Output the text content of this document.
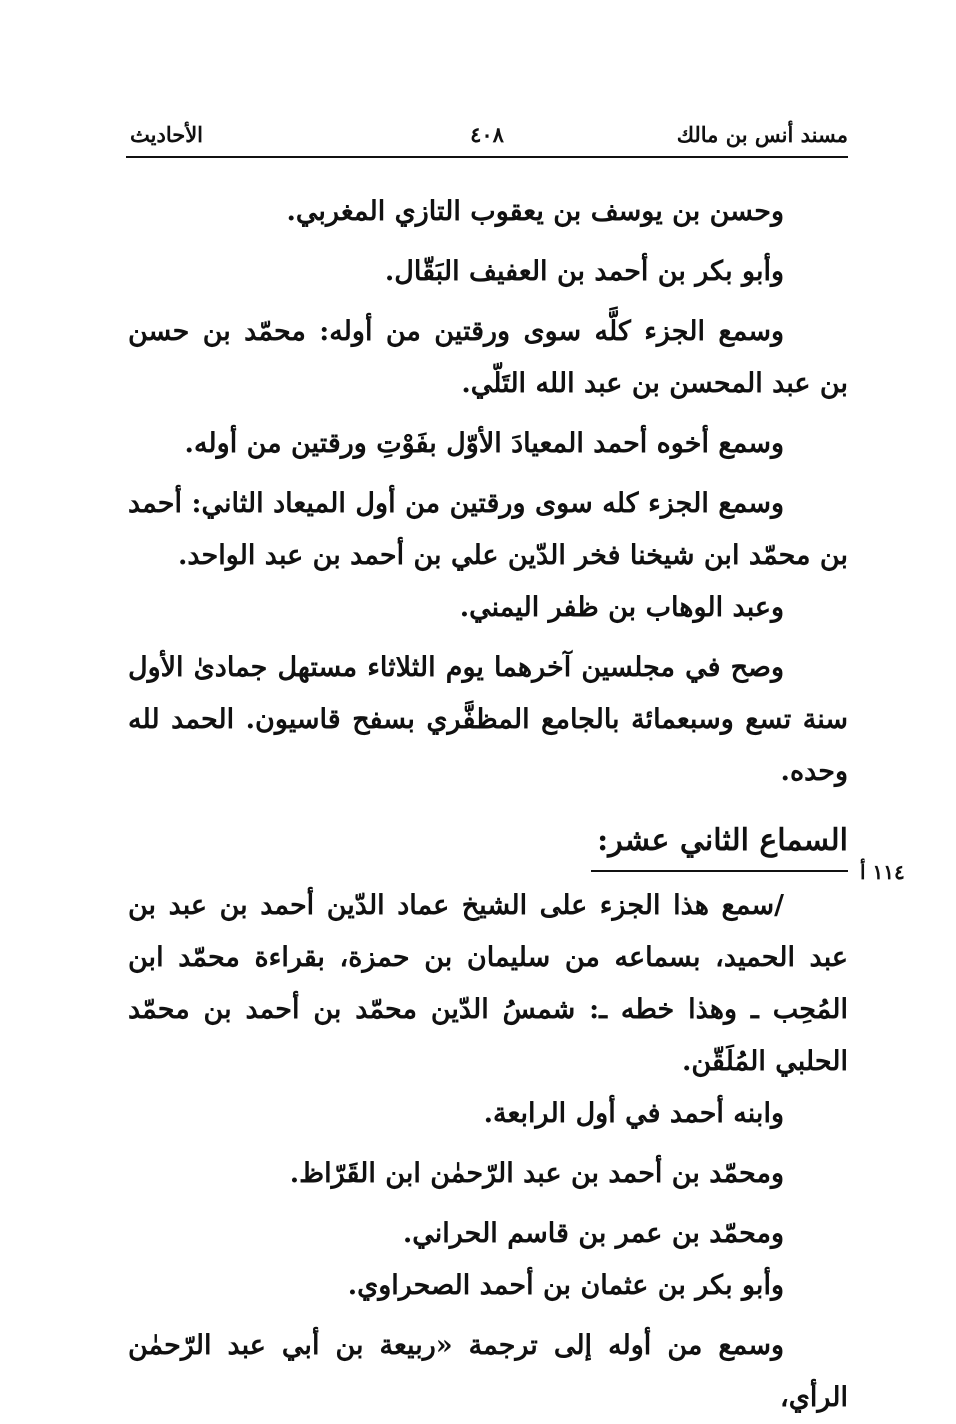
مسند أنس بن مالك
٤٠٨
الأحاديث

وحسن بن يوسف بن يعقوب التازي المغربي.

وأبو بكر بن أحمد بن العفيف البَقّال.

وسمع الجزء كلَّه سوى ورقتين من أوله: محمّد بن حسن بن عبد المحسن بن عبد الله التَلّي.

وسمع أخوه أحمد المعيادَ الأوّل بفَوْتِ ورقتين من أوله.

وسمع الجزء كله سوى ورقتين من أول الميعاد الثاني: أحمد بن محمّد ابن شيخنا فخر الدّين علي بن أحمد بن عبد الواحد.

وعبد الوهاب بن ظفر اليمني.

وصح في مجلسين آخرهما يوم الثلاثاء مستهل جمادىٰ الأول سنة تسع وسبعمائة بالجامع المظفَّري بسفح قاسيون. الحمد لله وحده.

السماع الثاني عشر:

/سمع هذا الجزء على الشيخ عماد الدّين أحمد بن عبد بن عبد الحميد، بسماعه من سليمان بن حمزة، بقراءة محمّد ابن المُحِب ـ وهذا خطه ـ: شمسُ الدّين محمّد بن أحمد بن محمّد الحلبي المُلَقّن.

وابنه أحمد في أول الرابعة.

ومحمّد بن أحمد بن عبد الرّحمٰن ابن القَرّاظ.

ومحمّد بن عمر بن قاسم الحراني.

وأبو بكر بن عثمان بن أحمد الصحراوي.

وسمع من أوله إلى ترجمة «ربيعة بن أبي عبد الرّحمٰن الرأي،

١١٤ أ
